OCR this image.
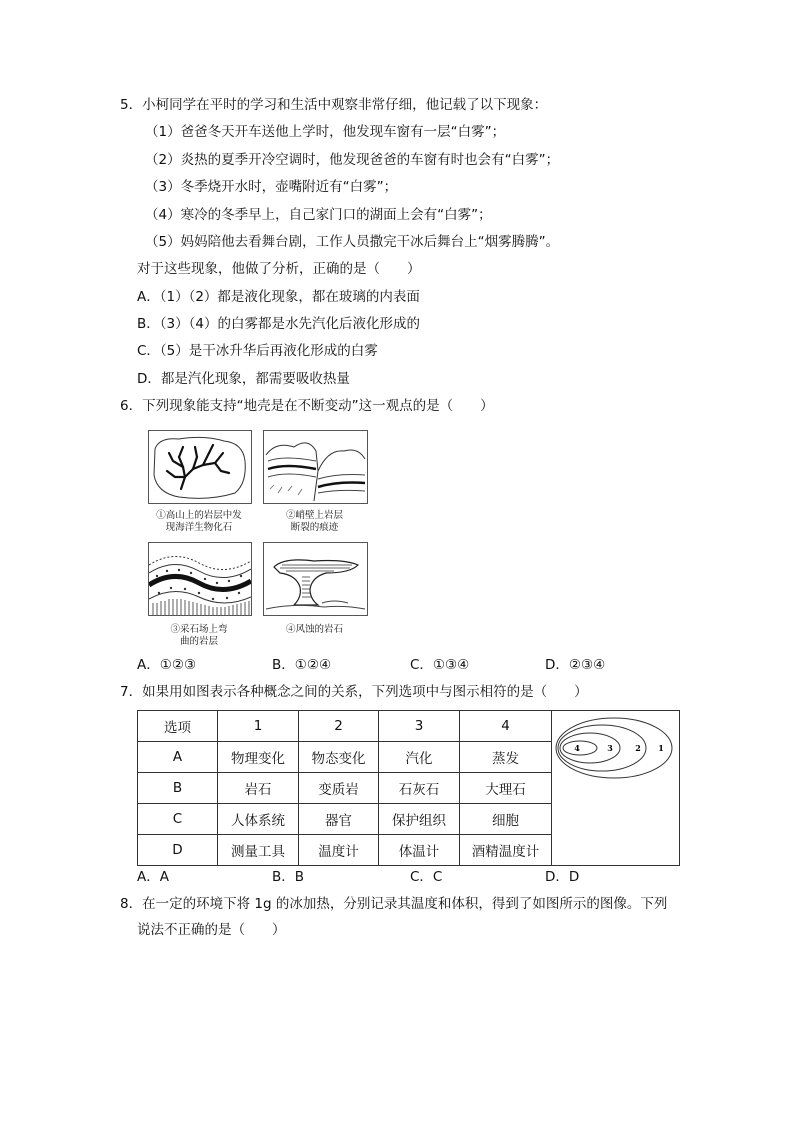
5．小柯同学在平时的学习和生活中观察非常仔细，他记载了以下现象：
（1）爸爸冬天开车送他上学时，他发现车窗有一层“白雾”；
（2）炎热的夏季开冷空调时，他发现爸爸的车窗有时也会有“白雾”；
（3）冬季烧开水时，壶嘴附近有“白雾”；
（4）寒冷的冬季早上，自己家门口的湖面上会有“白雾”；
（5）妈妈陪他去看舞台剧，工作人员撒完干冰后舞台上“烟雾腾腾”。
对于这些现象，他做了分析，正确的是（　　）
A．（1）（2）都是液化现象，都在玻璃的内表面
B．（3）（4）的白雾都是水先汽化后液化形成的
C．（5）是干冰升华后再液化形成的白雾
D．都是汽化现象，都需要吸收热量
6．下列现象能支持“地壳是在不断变动”这一观点的是（　　）
①高山上的岩层中发
现海洋生物化石
②峭壁上岩层
断裂的痕迹
③采石场上弯
曲的岩层
④风蚀的岩石
A．①②③	B．①②④	C．①③④	D．②③④
7．如果用如图表示各种概念之间的关系，下列选项中与图示相符的是（　　）
选项	1	2	3	4	4 3 2 1

A	物理变化	物态变化	汽化	蒸发	
B	岩石	变质岩	石灰石	大理石	
C	人体系统	器官	保护组织	细胞	
D	测量工具	温度计	体温计	酒精温度计	
A．A	B．B	C．C	D．D
8．在一定的环境下将 1g 的冰加热，分别记录其温度和体积，得到了如图所示的图像。下列
说法不正确的是（　　）
